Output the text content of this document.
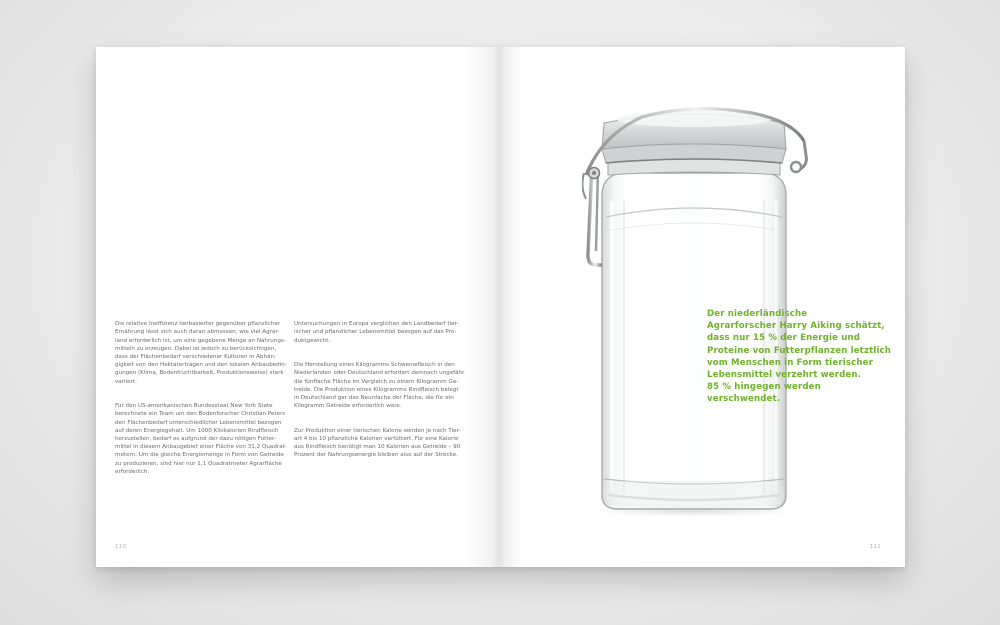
Die relative Ineffizienz tierbasierter gegenüber pflanzlicher
Ernährung lässt sich auch daran abmessen, wie viel Agrar-
land erforderlich ist, um eine gegebene Menge an Nahrungs-
mitteln zu erzeugen. Dabei ist jedoch zu berücksichtigen,
dass der Flächenbedarf verschiedener Kulturen in Abhän-
gigkeit von den Hektarerträgen und den lokalen Anbaubedin-
gungen (Klima, Bodenfruchtbarkeit, Produktionsweise) stark
variiert.

Für den US-amerikanischen Bundesstaat New York State
berechnete ein Team um den Bodenforscher Christian Peters
den Flächenbedarf unterschiedlicher Lebensmittel bezogen
auf deren Energiegehalt. Um 1000 Kilokalorien Rindfleisch
herzustellen, bedarf es aufgrund der dazu nötigen Futter-
mittel in diesem Anbaugebiet einer Fläche von 31,2 Quadrat-
metern. Um die gleiche Energiemenge in Form von Getreide
zu produzieren, sind hier nur 1,1 Quadratmeter Agrarfläche
erforderlich.

Untersuchungen in Europa verglichen den Landbedarf tier-
ischer und pflanzlicher Lebensmittel bezogen auf das Pro-
duktgewicht.

Die Herstellung eines Kilogramms Schweinefleisch in den
Niederlanden oder Deutschland erfordert demnach ungefähr
die fünffache Fläche im Vergleich zu einem Kilogramm Ge-
treide. Die Produktion eines Kilogramms Rindfleisch belegt
in Deutschland gar das Neunfache der Fläche, die für ein
Kilogramm Getreide erforderlich wäre.

Zur Produktion einer tierischen Kalorie werden je nach Tier-
art 4 bis 10 pflanzliche Kalorien verfüttert. Für eine Kalorie
aus Rindfleisch benötigt man 10 Kalorien aus Getreide – 90
Prozent der Nahrungsenergie bleiben also auf der Strecke.

110
Der niederländische
Agrarforscher Harry Aiking schätzt,
dass nur 15 % der Energie und
Proteine von Futterpflanzen letztlich
vom Menschen in Form tierischer
Lebensmittel verzehrt werden.
85 % hingegen werden
verschwendet.
111
